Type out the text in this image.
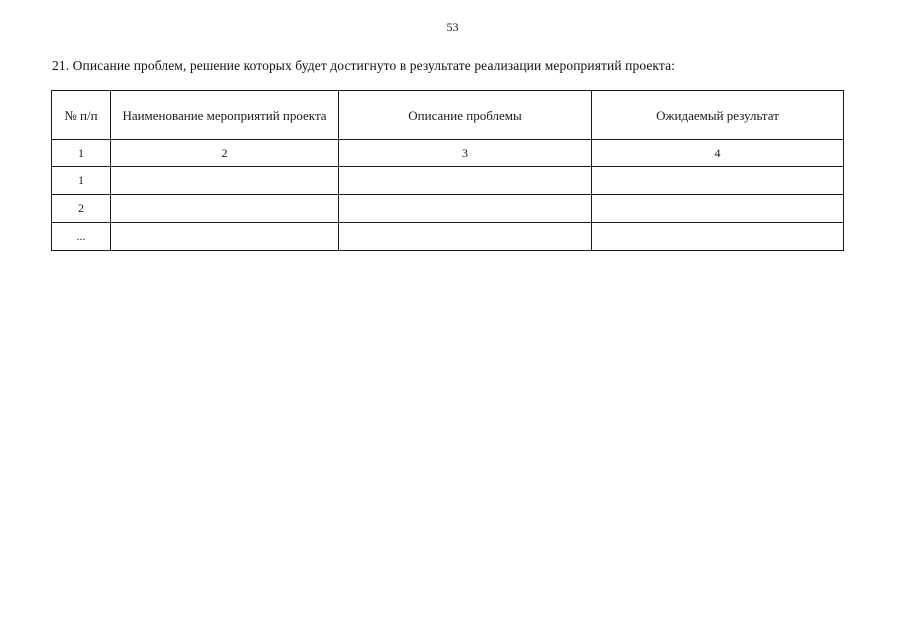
53
21. Описание проблем, решение которых будет достигнуто в результате реализации мероприятий проекта:
№ п/п	Наименование мероприятий проекта	Описание проблемы	Ожидаемый результат
1	2	3	4
1			
2			
...			
